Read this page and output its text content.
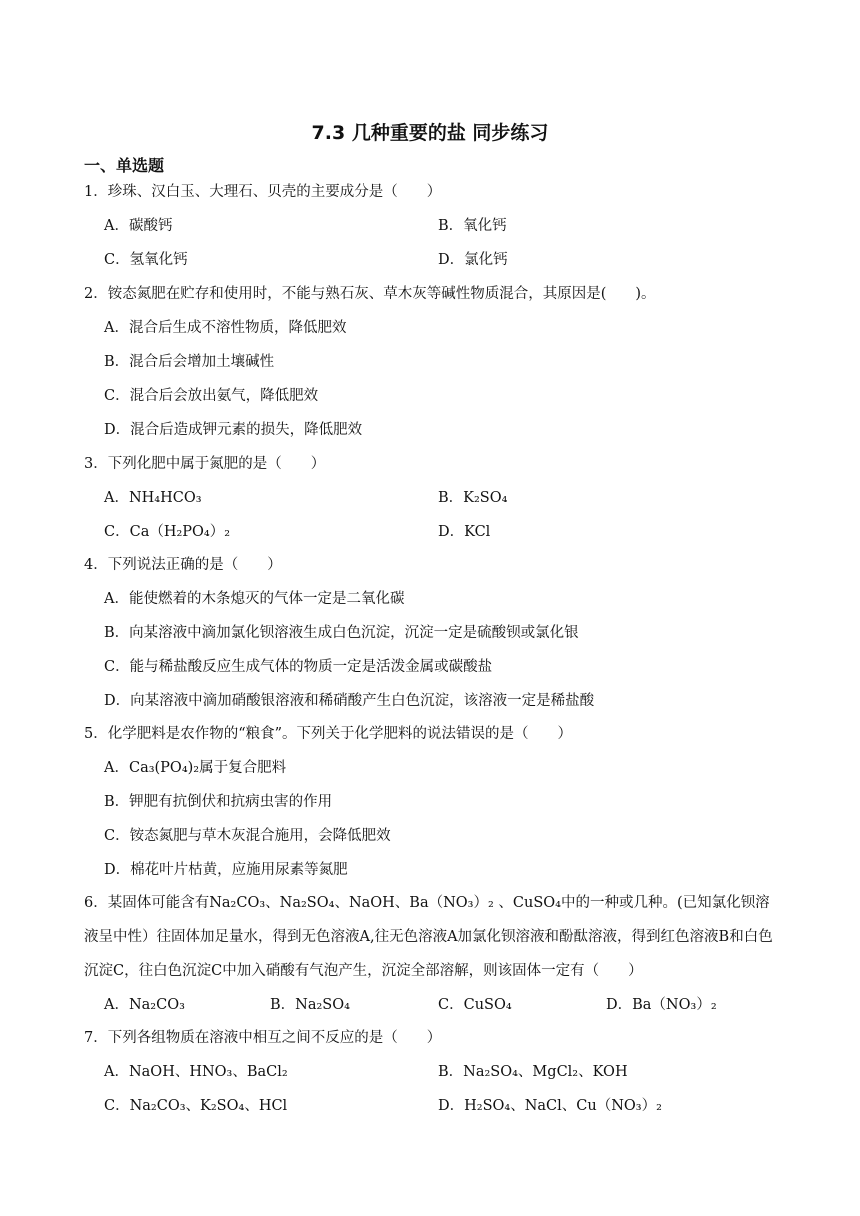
7.3 几种重要的盐 同步练习
一、单选题
1．珍珠、汉白玉、大理石、贝壳的主要成分是（　　）
A．碳酸钙	B．氧化钙
C．氢氧化钙	D．氯化钙
2．铵态氮肥在贮存和使用时，不能与熟石灰、草木灰等碱性物质混合，其原因是(　　)。
A．混合后生成不溶性物质，降低肥效
B．混合后会增加土壤碱性
C．混合后会放出氨气，降低肥效
D．混合后造成钾元素的损失，降低肥效
3．下列化肥中属于氮肥的是（　　）
A．NH₄HCO₃	B．K₂SO₄
C．Ca（H₂PO₄）₂	D．KCl
4．下列说法正确的是（　　）
A．能使燃着的木条熄灭的气体一定是二氧化碳
B．向某溶液中滴加氯化钡溶液生成白色沉淀，沉淀一定是硫酸钡或氯化银
C．能与稀盐酸反应生成气体的物质一定是活泼金属或碳酸盐
D．向某溶液中滴加硝酸银溶液和稀硝酸产生白色沉淀，该溶液一定是稀盐酸
5．化学肥料是农作物的“粮食”。下列关于化学肥料的说法错误的是（　　）
A．Ca₃(PO₄)₂属于复合肥料
B．钾肥有抗倒伏和抗病虫害的作用
C．铵态氮肥与草木灰混合施用，会降低肥效
D．棉花叶片枯黄，应施用尿素等氮肥
6．某固体可能含有Na₂CO₃、Na₂SO₄、NaOH、Ba（NO₃）₂ 、CuSO₄中的一种或几种。(已知氯化钡溶液呈中性）往固体加足量水，得到无色溶液A,往无色溶液A加氯化钡溶液和酚酞溶液，得到红色溶液B和白色沉淀C，往白色沉淀C中加入硝酸有气泡产生，沉淀全部溶解，则该固体一定有（　　）
A．Na₂CO₃	B．Na₂SO₄	C．CuSO₄	D．Ba（NO₃）₂
7．下列各组物质在溶液中相互之间不反应的是（　　）
A．NaOH、HNO₃、BaCl₂	B．Na₂SO₄、MgCl₂、KOH
C．Na₂CO₃、K₂SO₄、HCl	D．H₂SO₄、NaCl、Cu（NO₃）₂
